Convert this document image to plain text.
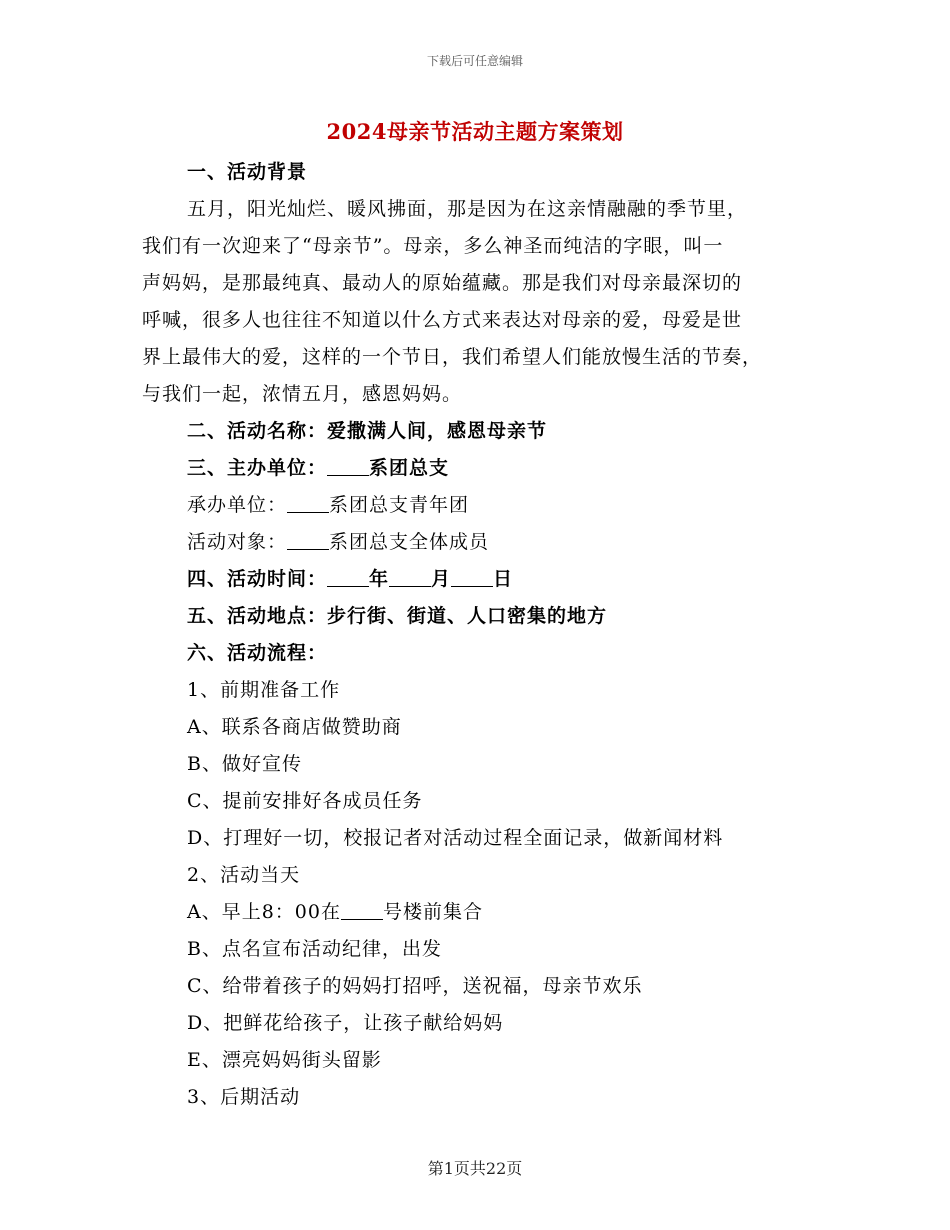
下载后可任意编辑
2024母亲节活动主题方案策划
一、活动背景
五月，阳光灿烂、暖风拂面，那是因为在这亲情融融的季节里，
我们有一次迎来了“母亲节”。母亲，多么神圣而纯洁的字眼，叫一
声妈妈，是那最纯真、最动人的原始蕴藏。那是我们对母亲最深切的
呼喊，很多人也往往不知道以什么方式来表达对母亲的爱，母爱是世
界上最伟大的爱，这样的一个节日，我们希望人们能放慢生活的节奏，
与我们一起，浓情五月，感恩妈妈。
二、活动名称：爱撒满人间，感恩母亲节
三、主办单位： 系团总支
承办单位： 系团总支青年团
活动对象： 系团总支全体成员
四、活动时间： 年 月 日
五、活动地点：步行街、街道、人口密集的地方
六、活动流程：
1、前期准备工作
A、联系各商店做赞助商
B、做好宣传
C、提前安排好各成员任务
D、打理好一切，校报记者对活动过程全面记录，做新闻材料
2、活动当天
A、早上8：00在 号楼前集合
B、点名宣布活动纪律，出发
C、给带着孩子的妈妈打招呼，送祝福，母亲节欢乐
D、把鲜花给孩子，让孩子献给妈妈
E、漂亮妈妈街头留影
3、后期活动
第1页共22页
